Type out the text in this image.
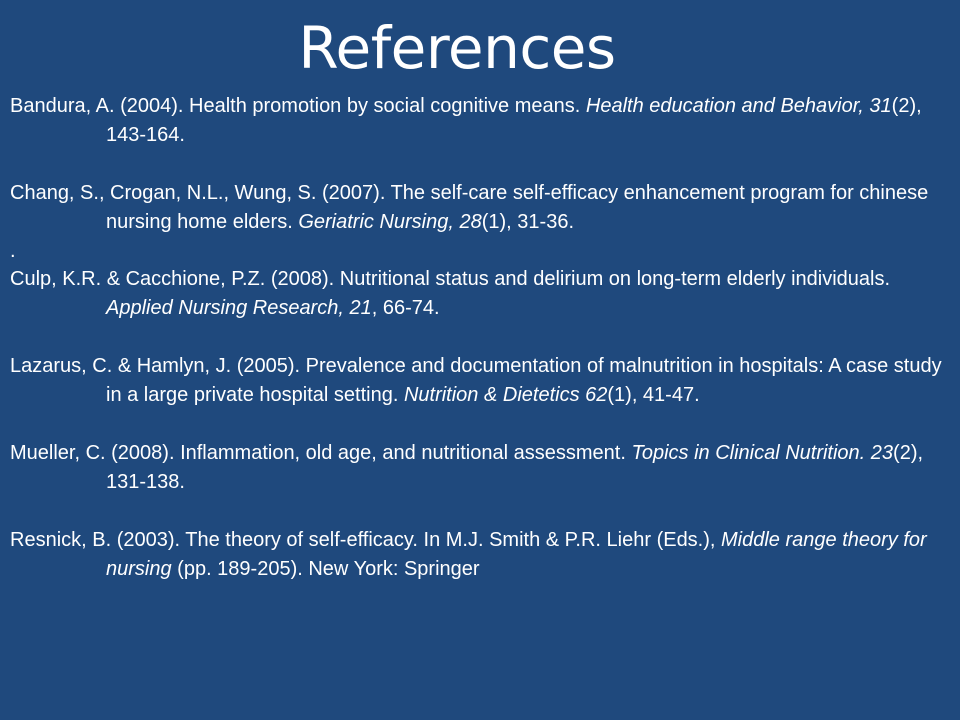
References

Bandura, A. (2004). Health promotion by social cognitive means. Health education and Behavior, 31(2), 143-164.

Chang, S., Crogan, N.L., Wung, S. (2007). The self-care self-efficacy enhancement program for chinese nursing home elders. Geriatric Nursing, 28(1), 31-36.

.

Culp, K.R. & Cacchione, P.Z. (2008). Nutritional status and delirium on long-term elderly individuals. Applied Nursing Research, 21, 66-74.

Lazarus, C. & Hamlyn, J. (2005). Prevalence and documentation of malnutrition in hospitals: A case study in a large private hospital setting. Nutrition & Dietetics 62(1), 41-47.

Mueller, C. (2008). Inflammation, old age, and nutritional assessment. Topics in Clinical Nutrition. 23(2), 131-138.

Resnick, B. (2003). The theory of self-efficacy. In M.J. Smith & P.R. Liehr (Eds.), Middle range theory for nursing (pp. 189-205). New York: Springer
